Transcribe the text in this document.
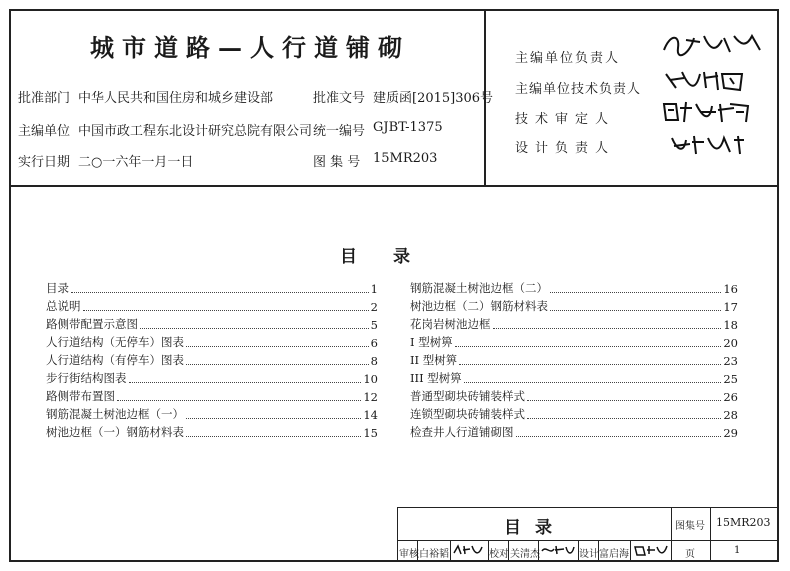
城市道路—人行道铺砌
批准部门 中华人民共和国住房和城乡建设部	批准文号 建质函[2015]306号
主编单位 中国市政工程东北设计研究总院有限公司 统一编号 GJBT-1375
实行日期 二○一六年一月一日	图 集 号 15MR203
主编单位负责人
主编单位技术负责人
技术审定人
设计负责人
目录
目录	1
总说明	2
路侧带配置示意图	5
人行道结构（无停车）图表	6
人行道结构（有停车）图表	8
步行街结构图表	10
路侧带布置图	12
钢筋混凝土树池边框（一）	14
树池边框（一）钢筋材料表	15
钢筋混凝土树池边框（二）	16
树池边框（二）钢筋材料表	17
花岗岩树池边框	18
I 型树箅	20
II 型树箅	23
III 型树箅	25
普通型砌块砖铺装样式	26
连锁型砌块砖铺装样式	28
检查井人行道铺砌图	29
目录	图集号 15MR203
审核 白裕韬	校对 关清杰	设计 富启海	页	1
